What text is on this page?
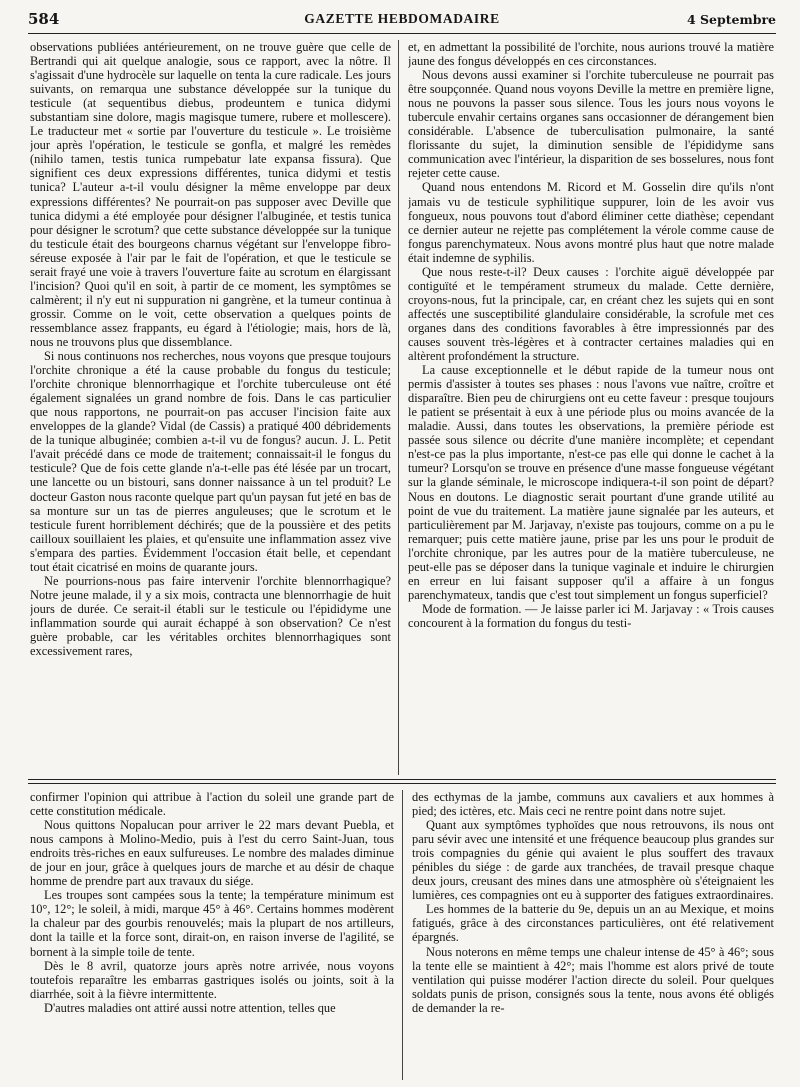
584	GAZETTE HEBDOMADAIRE	4 Septembre

observations publiées antérieurement, on ne trouve guère que celle de Bertrandi qui ait quelque analogie, sous ce rapport, avec la nôtre. Il s'agissait d'une hydrocèle sur laquelle on tenta la cure radicale. Les jours suivants, on remarqua une substance développée sur la tunique du testicule (at sequentibus diebus, prodeuntem e tunica didymi substantiam sine dolore, magis magisque tumere, rubere et mollescere). Le traducteur met « sortie par l'ouverture du testicule ». Le troisième jour après l'opération, le testicule se gonfla, et malgré les remèdes (nihilo tamen, testis tunica rumpebatur late expansa fissura). Que signifient ces deux expressions différentes, tunica didymi et testis tunica? L'auteur a-t-il voulu désigner la même enveloppe par deux expressions différentes? Ne pourrait-on pas supposer avec Deville que tunica didymi a été employée pour désigner l'albuginée, et testis tunica pour désigner le scrotum? que cette substance développée sur la tunique du testicule était des bourgeons charnus végétant sur l'enveloppe fibro-séreuse exposée à l'air par le fait de l'opération, et que le testicule se serait frayé une voie à travers l'ouverture faite au scrotum en élargissant l'incision? Quoi qu'il en soit, à partir de ce moment, les symptômes se calmèrent; il n'y eut ni suppuration ni gangrène, et la tumeur continua à grossir. Comme on le voit, cette observation a quelques points de ressemblance assez frappants, eu égard à l'étiologie; mais, hors de là, nous ne trouvons plus que dissemblance.

Si nous continuons nos recherches, nous voyons que presque toujours l'orchite chronique a été la cause probable du fongus du testicule; l'orchite chronique blennorrhagique et l'orchite tuberculeuse ont été également signalées un grand nombre de fois. Dans le cas particulier que nous rapportons, ne pourrait-on pas accuser l'incision faite aux enveloppes de la glande? Vidal (de Cassis) a pratiqué 400 débridements de la tunique albuginée; combien a-t-il vu de fongus? aucun. J. L. Petit l'avait précédé dans ce mode de traitement; connaissait-il le fongus du testicule? Que de fois cette glande n'a-t-elle pas été lésée par un trocart, une lancette ou un bistouri, sans donner naissance à un tel produit? Le docteur Gaston nous raconte quelque part qu'un paysan fut jeté en bas de sa monture sur un tas de pierres anguleuses; que le scrotum et le testicule furent horriblement déchirés; que de la poussière et des petits cailloux souillaient les plaies, et qu'ensuite une inflammation assez vive s'empara des parties. Évidemment l'occasion était belle, et cependant tout était cicatrisé en moins de quarante jours.

Ne pourrions-nous pas faire intervenir l'orchite blennorrhagique? Notre jeune malade, il y a six mois, contracta une blennorrhagie de huit jours de durée. Ce serait-il établi sur le testicule ou l'épididyme une inflammation sourde qui aurait échappé à son observation? Ce n'est guère probable, car les véritables orchites blennorrhagiques sont excessivement rares,

et, en admettant la possibilité de l'orchite, nous aurions trouvé la matière jaune des fongus développés en ces circonstances.

Nous devons aussi examiner si l'orchite tuberculeuse ne pourrait pas être soupçonnée. Quand nous voyons Deville la mettre en première ligne, nous ne pouvons la passer sous silence. Tous les jours nous voyons le tubercule envahir certains organes sans occasionner de dérangement bien considérable. L'absence de tuberculisation pulmonaire, la santé florissante du sujet, la diminution sensible de l'épididyme sans communication avec l'intérieur, la disparition de ses bosselures, nous font rejeter cette cause.

Quand nous entendons M. Ricord et M. Gosselin dire qu'ils n'ont jamais vu de testicule syphilitique suppurer, loin de les avoir vus fongueux, nous pouvons tout d'abord éliminer cette diathèse; cependant ce dernier auteur ne rejette pas complétement la vérole comme cause de fongus parenchymateux. Nous avons montré plus haut que notre malade était indemne de syphilis.

Que nous reste-t-il? Deux causes : l'orchite aiguë développée par contiguïté et le tempérament strumeux du malade. Cette dernière, croyons-nous, fut la principale, car, en créant chez les sujets qui en sont affectés une susceptibilité glandulaire considérable, la scrofule met ces organes dans des conditions favorables à être impressionnés par des causes souvent très-légères et à contracter certaines maladies qui en altèrent profondément la structure.

La cause exceptionnelle et le début rapide de la tumeur nous ont permis d'assister à toutes ses phases : nous l'avons vue naître, croître et disparaître. Bien peu de chirurgiens ont eu cette faveur : presque toujours le patient se présentait à eux à une période plus ou moins avancée de la maladie. Aussi, dans toutes les observations, la première période est passée sous silence ou décrite d'une manière incomplète; et cependant n'est-ce pas la plus importante, n'est-ce pas elle qui donne le cachet à la tumeur? Lorsqu'on se trouve en présence d'une masse fongueuse végétant sur la glande séminale, le microscope indiquera-t-il son point de départ? Nous en doutons. Le diagnostic serait pourtant d'une grande utilité au point de vue du traitement. La matière jaune signalée par les auteurs, et particulièrement par M. Jarjavay, n'existe pas toujours, comme on a pu le remarquer; puis cette matière jaune, prise par les uns pour le produit de l'orchite chronique, par les autres pour de la matière tuberculeuse, ne peut-elle pas se déposer dans la tunique vaginale et induire le chirurgien en erreur en lui faisant supposer qu'il a affaire à un fongus parenchymateux, tandis que c'est tout simplement un fongus superficiel?

Mode de formation. — Je laisse parler ici M. Jarjavay : « Trois causes concourent à la formation du fongus du testi-

confirmer l'opinion qui attribue à l'action du soleil une grande part de cette constitution médicale.

Nous quittons Nopalucan pour arriver le 22 mars devant Puebla, et nous campons à Molino-Medio, puis à l'est du cerro Saint-Juan, tous endroits très-riches en eaux sulfureuses. Le nombre des malades diminue de jour en jour, grâce à quelques jours de marche et au désir de chaque homme de prendre part aux travaux du siége.

Les troupes sont campées sous la tente; la température minimum est 10°, 12°; le soleil, à midi, marque 45° à 46°. Certains hommes modèrent la chaleur par des gourbis renouvelés; mais la plupart de nos artilleurs, dont la taille et la force sont, dirait-on, en raison inverse de l'agilité, se bornent à la simple toile de tente.

Dès le 8 avril, quatorze jours après notre arrivée, nous voyons toutefois reparaître les embarras gastriques isolés ou joints, soit à la diarrhée, soit à la fièvre intermittente.

D'autres maladies ont attiré aussi notre attention, telles que

des ecthymas de la jambe, communs aux cavaliers et aux hommes à pied; des ictères, etc. Mais ceci ne rentre point dans notre sujet.

Quant aux symptômes typhoïdes que nous retrouvons, ils nous ont paru sévir avec une intensité et une fréquence beaucoup plus grandes sur trois compagnies du génie qui avaient le plus souffert des travaux pénibles du siége : de garde aux tranchées, de travail presque chaque deux jours, creusant des mines dans une atmosphère où s'éteignaient les lumières, ces compagnies ont eu à supporter des fatigues extraordinaires.

Les hommes de la batterie du 9e, depuis un an au Mexique, et moins fatigués, grâce à des circonstances particulières, ont été relativement épargnés.

Nous noterons en même temps une chaleur intense de 45° à 46°; sous la tente elle se maintient à 42°; mais l'homme est alors privé de toute ventilation qui puisse modérer l'action directe du soleil. Pour quelques soldats punis de prison, consignés sous la tente, nous avons été obligés de demander la re-
